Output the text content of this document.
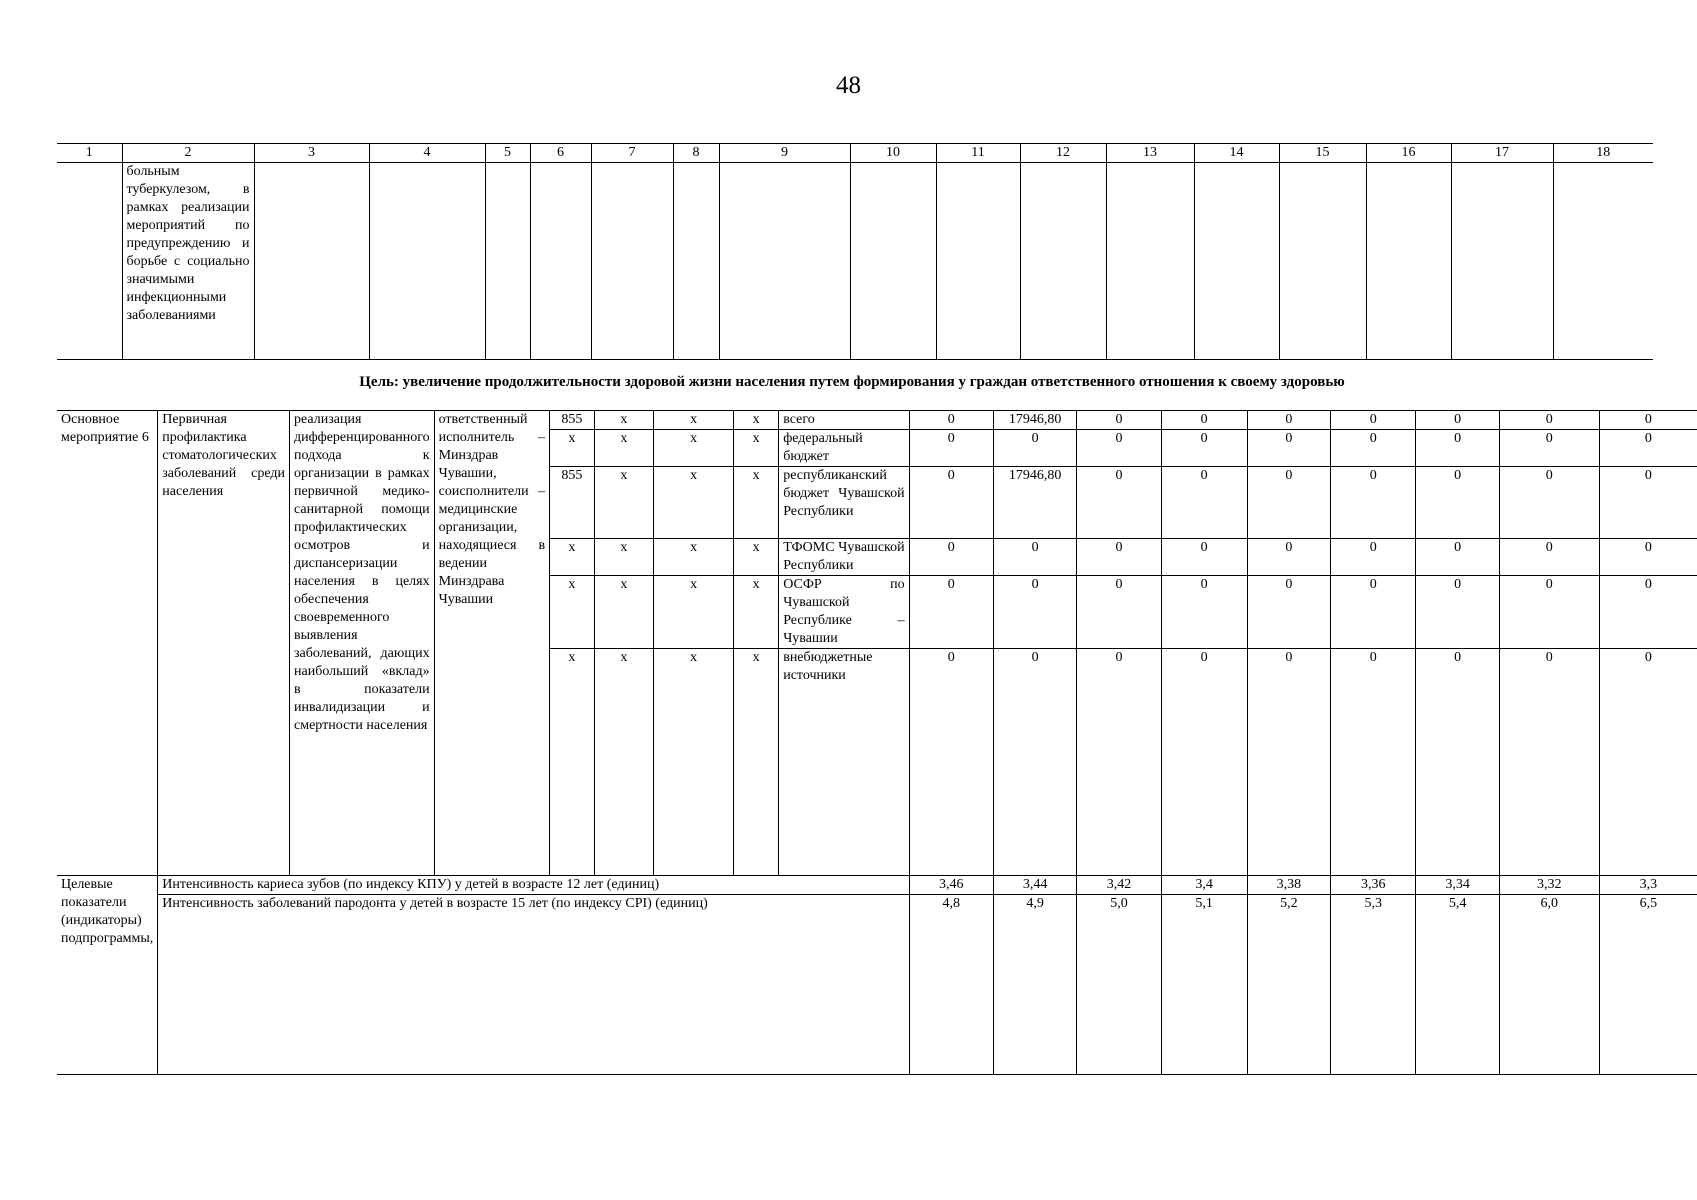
48
1	2	3	4	5	6	7	8	9	10	11	12	13	14	15	16	17	18
	больным туберкулезом, в рамках реализации мероприятий по предупреждению и борьбе с социально значимыми инфекционными заболеваниями																
Цель: увеличение продолжительности здоровой жизни населения путем формирования у граждан ответственного отношения к своему здоровью
Основное мероприятие 6	Первичная профилактика стоматологических заболеваний среди населения	реализация дифференцированного подхода к организации в рамках первичной медико-санитарной помощи профилактических осмотров и диспансеризации населения в целях обеспечения своевременного выявления заболеваний, дающих наибольший «вклад» в показатели инвалидизации и смертности населения	ответственный исполнитель – Минздрав Чувашии, соисполнители – медицинские организации, находящиеся в ведении Минздрава Чувашии	855	х	х	х	всего	0	17946,80	0	0	0	0	0	0	0
				х	х	х	х	федеральный бюджет	0	0	0	0	0	0	0	0	0
				855	х	х	х	республиканский бюджет Чувашской Республики	0	17946,80	0	0	0	0	0	0	0
				х	х	х	х	ТФОМС Чувашской Республики	0	0	0	0	0	0	0	0	0
				х	х	х	х	ОСФР по Чувашской Республике – Чувашии	0	0	0	0	0	0	0	0	0
				х	х	х	х	внебюджетные источники	0	0	0	0	0	0	0	0	0
Целевые показатели (индикаторы) подпрограммы,	Интенсивность кариеса зубов (по индексу КПУ) у детей в возрасте 12 лет (единиц)								3,46	3,44	3,42	3,4	3,38	3,36	3,34	3,32	3,3
	Интенсивность заболеваний пародонта у детей в возрасте 15 лет (по индексу CPI) (единиц)								4,8	4,9	5,0	5,1	5,2	5,3	5,4	6,0	6,5
